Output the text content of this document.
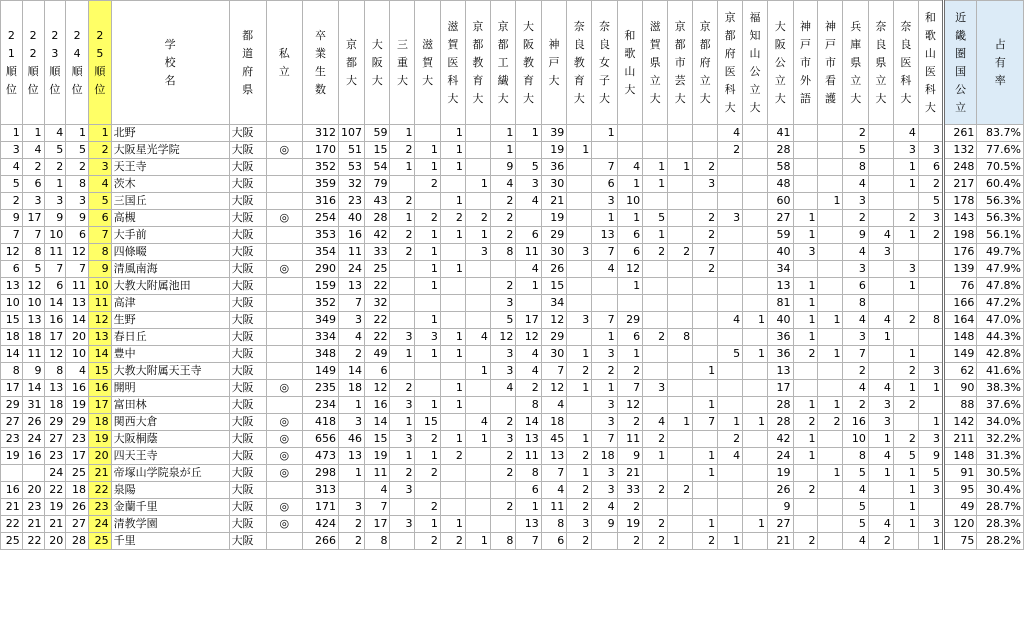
21順位	22順位	23順位	24順位	25順位	学校名	都道府県	私立	卒業生数	京都大	大阪大	三重大	滋賀大	滋賀医科大	京都教育大	京都工繊大	大阪教育大	神戸大	奈良教育大	奈良女子大	和歌山大	滋賀県立大	京都市芸大	京都府立大	京都府医科大	福知山公立大	大阪公立大	神戸市外語	神戸市看護	兵庫県立大	奈良県立大	奈良医科大	和歌山医科大	近畿圏国公立	占有率
1	1	4	1	1	北野	大阪		312	107	59	1		1		1	1	39		1					4		41			2		4		261	83.7%
3	4	5	5	2	大阪星光学院	大阪	◎	170	51	15	2	1	1		1		19	1						2		28			5		3	3	132	77.6%
4	2	2	2	3	天王寺	大阪		352	53	54	1	1	1		9	5	36		7	4	1	1	2			58			8		1	6	248	70.5%
5	6	1	8	4	茨木	大阪		359	32	79		2		1	4	3	30		6	1	1		3			48			4		1	2	217	60.4%
2	3	3	3	5	三国丘	大阪		316	23	43	2		1		2	4	21		3	10						60		1	3			5	178	56.3%
9	17	9	9	6	高槻	大阪	◎	254	40	28	1	2	2	2	2		19		1	1	5		2	3		27	1		2		2	3	143	56.3%
7	7	10	6	7	大手前	大阪		353	16	42	2	1	1	1	2	6	29		13	6	1		2			59	1		9	4	1	2	198	56.1%
12	8	11	12	8	四條畷	大阪		354	11	33	2	1		3	8	11	30	3	7	6	2	2	7			40	3		4	3			176	49.7%
6	5	7	7	9	清風南海	大阪	◎	290	24	25		1	1			4	26		4	12			2			34			3		3		139	47.9%
13	12	6	11	10	大教大附属池田	大阪		159	13	22		1			2	1	15			1						13	1		6		1		76	47.8%
10	10	14	13	11	高津	大阪		352	7	32					3		34									81	1		8				166	47.2%
15	13	16	14	12	生野	大阪		349	3	22		1			5	17	12	3	7	29				4	1	40	1	1	4	4	2	8	164	47.0%
18	18	17	20	13	春日丘	大阪		334	4	22	3	3	1	4	12	12	29		1	6	2	8				36	1		3	1			148	44.3%
14	11	12	10	14	豊中	大阪		348	2	49	1	1	1		3	4	30	1	3	1				5	1	36	2	1	7		1		149	42.8%
8	9	8	4	15	大教大附属天王寺	大阪		149	14	6				1	3	4	7	2	2	2			1			13			2		2	3	62	41.6%
17	14	13	16	16	開明	大阪	◎	235	18	12	2		1		4	2	12	1	1	7	3					17			4	4	1	1	90	38.3%
29	31	18	19	17	富田林	大阪		234	1	16	3	1	1			8	4		3	12			1			28	1	1	2	3	2		88	37.6%
27	26	29	29	18	関西大倉	大阪	◎	418	3	14	1	15		4	2	14	18		3	2	4	1	7	1	1	28	2	2	16	3		1	142	34.0%
23	24	27	23	19	大阪桐蔭	大阪	◎	656	46	15	3	2	1	1	3	13	45	1	7	11	2			2		42	1		10	1	2	3	211	32.2%
19	16	23	17	20	四天王寺	大阪	◎	473	13	19	1	1	2		2	11	13	2	18	9	1		1	4		24	1		8	4	5	9	148	31.3%
		24	25	21	帝塚山学院泉が丘	大阪	◎	298	1	11	2	2			2	8	7	1	3	21			1			19		1	5	1	1	5	91	30.5%
16	20	22	18	22	泉陽	大阪		313		4	3					6	4	2	3	33	2	2				26	2		4		1	3	95	30.4%
21	23	19	26	23	金蘭千里	大阪	◎	171	3	7		2			2	1	11	2	4	2						9			5		1		49	28.7%
22	21	21	27	24	清教学園	大阪	◎	424	2	17	3	1	1			13	8	3	9	19	2		1		1	27			5	4	1	3	120	28.3%
25	22	20	28	25	千里	大阪		266	2	8		2	2	1	8	7	6	2		2	2		2	1		21	2		4	2		1	75	28.2%
